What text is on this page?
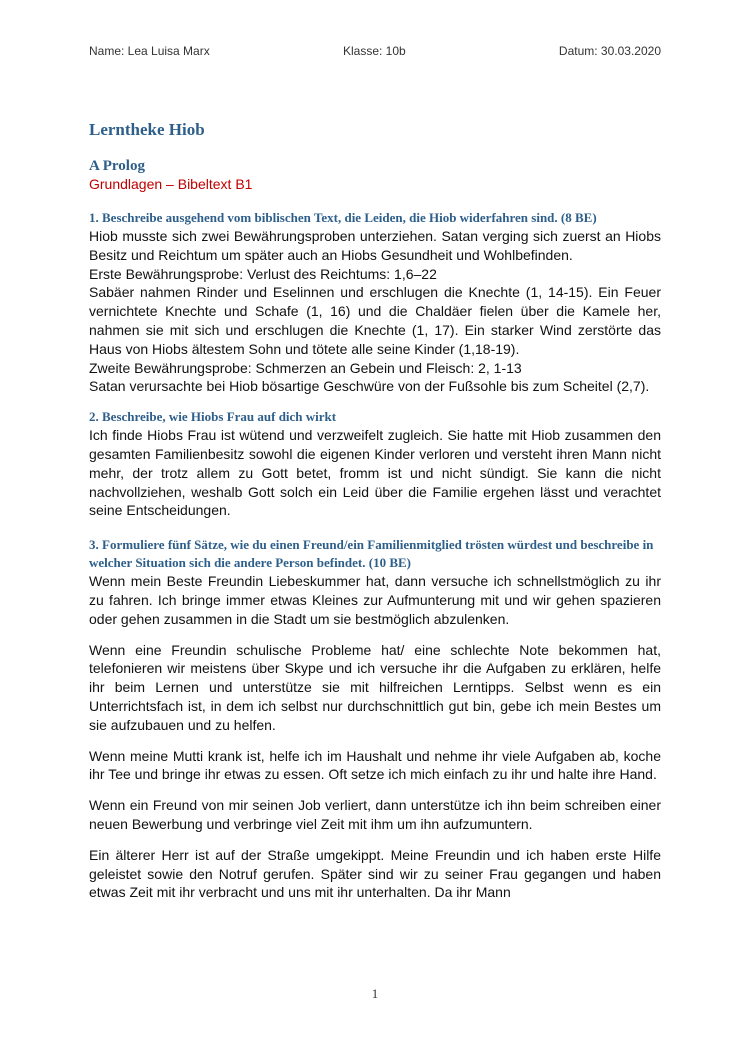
Name: Lea Luisa Marx	Klasse: 10b	Datum: 30.03.2020
Lerntheke Hiob
A Prolog
Grundlagen – Bibeltext B1
1. Beschreibe ausgehend vom biblischen Text, die Leiden, die Hiob widerfahren sind. (8 BE)

Hiob musste sich zwei Bewährungsproben unterziehen. Satan verging sich zuerst an Hiobs Besitz und Reichtum um später auch an Hiobs Gesundheit und Wohlbefinden.

Erste Bewährungsprobe: Verlust des Reichtums: 1,6–22

Sabäer nahmen Rinder und Eselinnen und erschlugen die Knechte (1, 14-15). Ein Feuer vernichtete Knechte und Schafe (1, 16) und die Chaldäer fielen über die Kamele her, nahmen sie mit sich und erschlugen die Knechte (1, 17). Ein starker Wind zerstörte das Haus von Hiobs ältestem Sohn und tötete alle seine Kinder (1,18-19).

Zweite Bewährungsprobe: Schmerzen an Gebein und Fleisch: 2, 1-13

Satan verursachte bei Hiob bösartige Geschwüre von der Fußsohle bis zum Scheitel (2,7).

2. Beschreibe, wie Hiobs Frau auf dich wirkt

Ich finde Hiobs Frau ist wütend und verzweifelt zugleich. Sie hatte mit Hiob zusammen den gesamten Familienbesitz sowohl die eigenen Kinder verloren und versteht ihren Mann nicht mehr, der trotz allem zu Gott betet, fromm ist und nicht sündigt. Sie kann die nicht nachvollziehen, weshalb Gott solch ein Leid über die Familie ergehen lässt und verachtet seine Entscheidungen.

3. Formuliere fünf Sätze, wie du einen Freund/ein Familienmitglied trösten würdest und beschreibe in welcher Situation sich die andere Person befindet. (10 BE)

Wenn mein Beste Freundin Liebeskummer hat, dann versuche ich schnellstmöglich zu ihr zu fahren. Ich bringe immer etwas Kleines zur Aufmunterung mit und wir gehen spazieren oder gehen zusammen in die Stadt um sie bestmöglich abzulenken.

Wenn eine Freundin schulische Probleme hat/ eine schlechte Note bekommen hat, telefonieren wir meistens über Skype und ich versuche ihr die Aufgaben zu erklären, helfe ihr beim Lernen und unterstütze sie mit hilfreichen Lerntipps. Selbst wenn es ein Unterrichtsfach ist, in dem ich selbst nur durchschnittlich gut bin, gebe ich mein Bestes um sie aufzubauen und zu helfen.

Wenn meine Mutti krank ist, helfe ich im Haushalt und nehme ihr viele Aufgaben ab, koche ihr Tee und bringe ihr etwas zu essen. Oft setze ich mich einfach zu ihr und halte ihre Hand.

Wenn ein Freund von mir seinen Job verliert, dann unterstütze ich ihn beim schreiben einer neuen Bewerbung und verbringe viel Zeit mit ihm um ihn aufzumuntern.

Ein älterer Herr ist auf der Straße umgekippt. Meine Freundin und ich haben erste Hilfe geleistet sowie den Notruf gerufen. Später sind wir zu seiner Frau gegangen und haben etwas Zeit mit ihr verbracht und uns mit ihr unterhalten. Da ihr Mann

1
